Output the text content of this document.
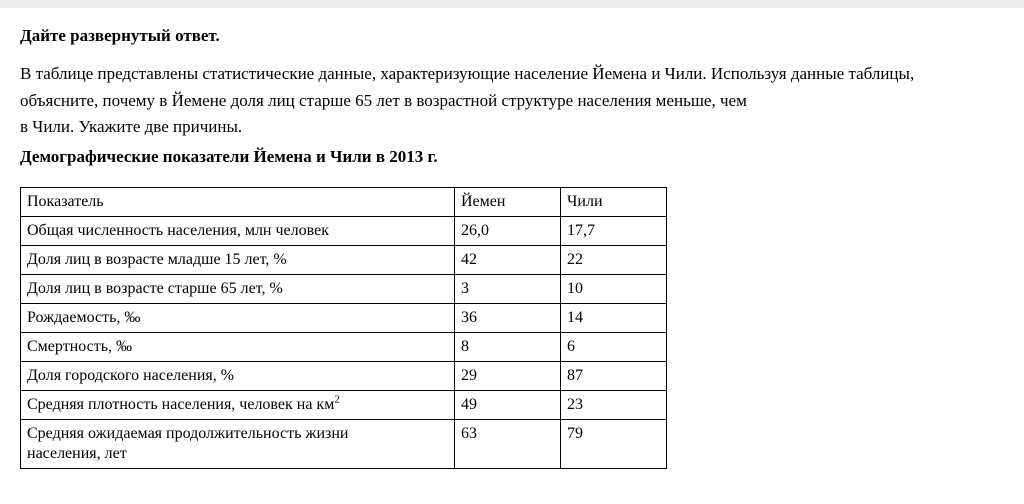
Дайте развернутый ответ.
В таблице представлены статистические данные, характеризующие население Йемена и Чили. Используя данные таблицы,
объясните, почему в Йемене доля лиц старше 65 лет в возрастной структуре населения меньше, чем
в Чили. Укажите две причины.
Демографические показатели Йемена и Чили в 2013 г.
Показатель	Йемен	Чили
Общая численность населения, млн человек	26,0	17,7
Доля лиц в возрасте младше 15 лет, %	42	22
Доля лиц в возрасте старше 65 лет, %	3	10
Рождаемость, ‰	36	14
Смертность, ‰	8	6
Доля городского населения, %	29	87
Средняя плотность населения, человек на $км^2$	49	23

Средняя ожидаемая продолжительность жизни
населения, лет	63	79
